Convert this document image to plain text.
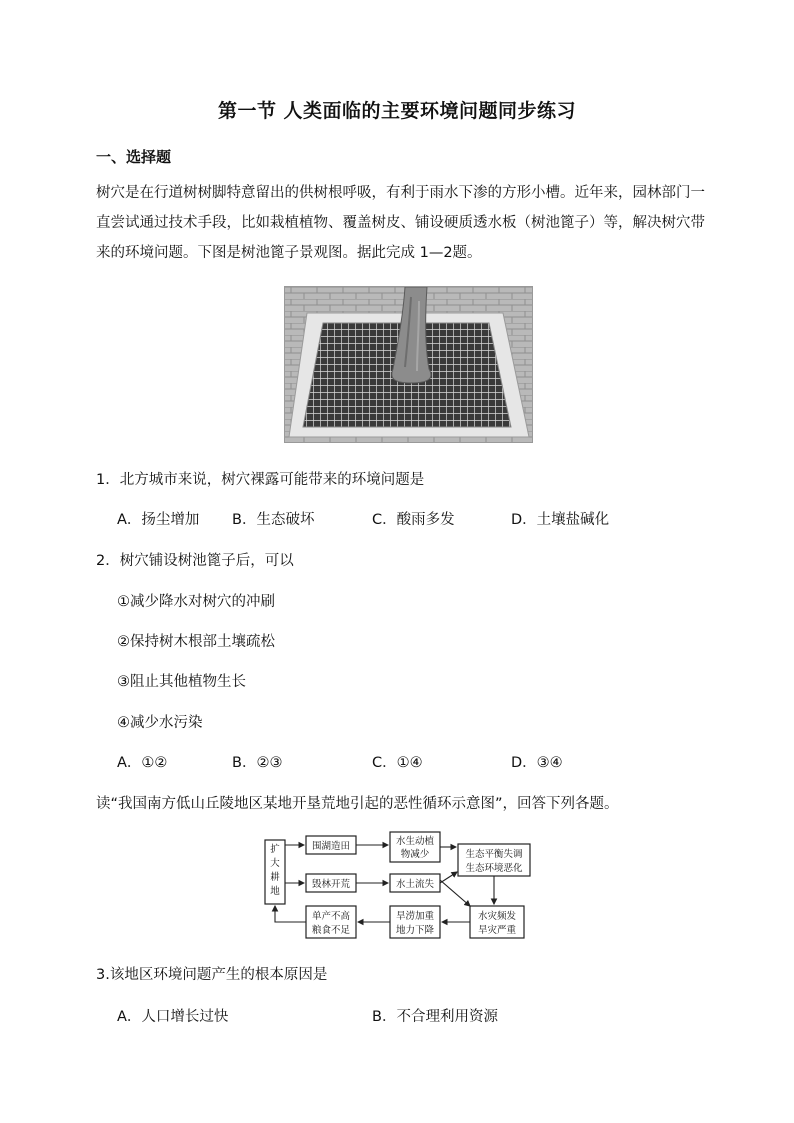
第一节 人类面临的主要环境问题同步练习
一、选择题
树穴是在行道树树脚特意留出的供树根呼吸，有利于雨水下渗的方形小槽。近年来，园林部门一
直尝试通过技术手段，比如栽植植物、覆盖树皮、铺设硬质透水板（树池篦子）等，解决树穴带
来的环境问题。下图是树池篦子景观图。据此完成 1—2题。
1．北方城市来说，树穴裸露可能带来的环境问题是
A．扬尘增加 B．生态破坏	C．酸雨多发	D．土壤盐碱化
2．树穴铺设树池篦子后，可以
①减少降水对树穴的冲刷
②保持树木根部土壤疏松
③阻止其他植物生长
④减少水污染
A．①②	B．②③	C．①④	D．③④
读“我国南方低山丘陵地区某地开垦荒地引起的恶性循环示意图”，回答下列各题。
扩
大
耕
地
围湖造田
毁林开荒
水生动植
物减少
水土流失
生态平衡失调
生态环境恶化
水灾频发
旱灾严重
旱涝加重
地力下降
单产不高
粮食不足
3.该地区环境问题产生的根本原因是
A．人口增长过快	B．不合理利用资源
